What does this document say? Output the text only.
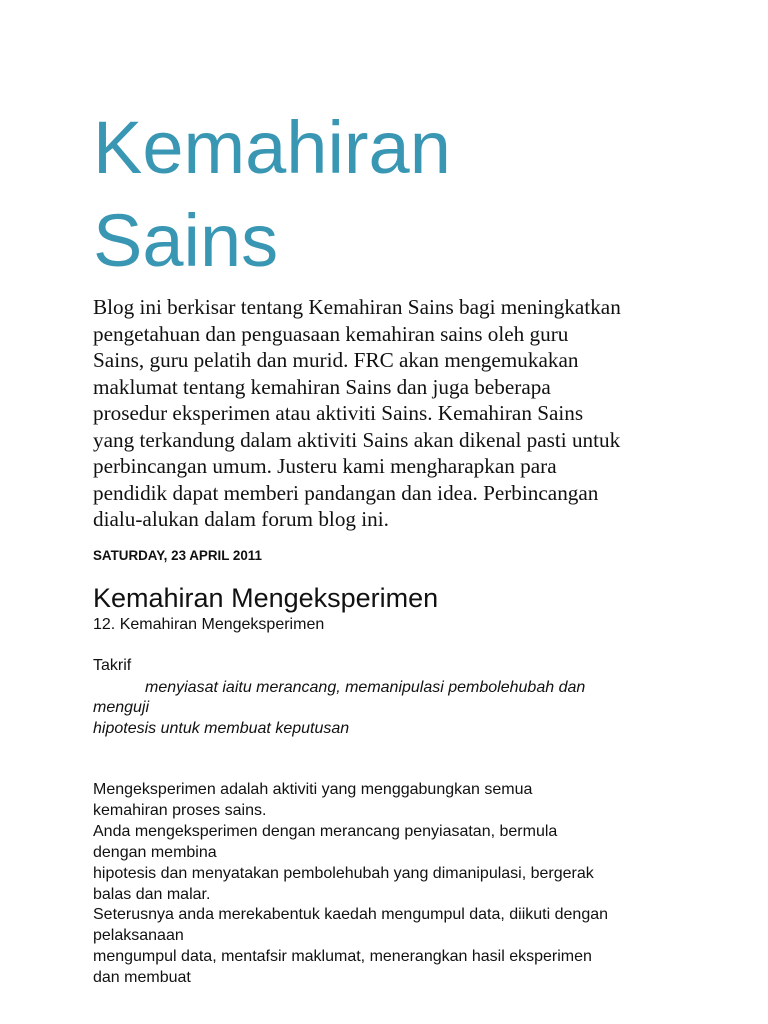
Kemahiran
Sains
Blog ini berkisar tentang Kemahiran Sains bagi meningkatkan
pengetahuan dan penguasaan kemahiran sains oleh guru
Sains, guru pelatih dan murid. FRC akan mengemukakan
maklumat tentang kemahiran Sains dan juga beberapa
prosedur eksperimen atau aktiviti Sains. Kemahiran Sains
yang terkandung dalam aktiviti Sains akan dikenal pasti untuk
perbincangan umum. Justeru kami mengharapkan para
pendidik dapat memberi pandangan dan idea. Perbincangan
dialu-alukan dalam forum blog ini.
SATURDAY, 23 APRIL 2011
Kemahiran Mengeksperimen
12. Kemahiran Mengeksperimen
Takrif
menyiasat iaitu merancang, memanipulasi pembolehubah dan
menguji
hipotesis untuk membuat keputusan
Mengeksperimen adalah aktiviti yang menggabungkan semua
kemahiran proses sains.
Anda mengeksperimen dengan merancang penyiasatan, bermula
dengan membina
hipotesis dan menyatakan pembolehubah yang dimanipulasi, bergerak
balas dan malar.
Seterusnya anda merekabentuk kaedah mengumpul data, diikuti dengan
pelaksanaan
mengumpul data, mentafsir maklumat, menerangkan hasil eksperimen
dan membuat
